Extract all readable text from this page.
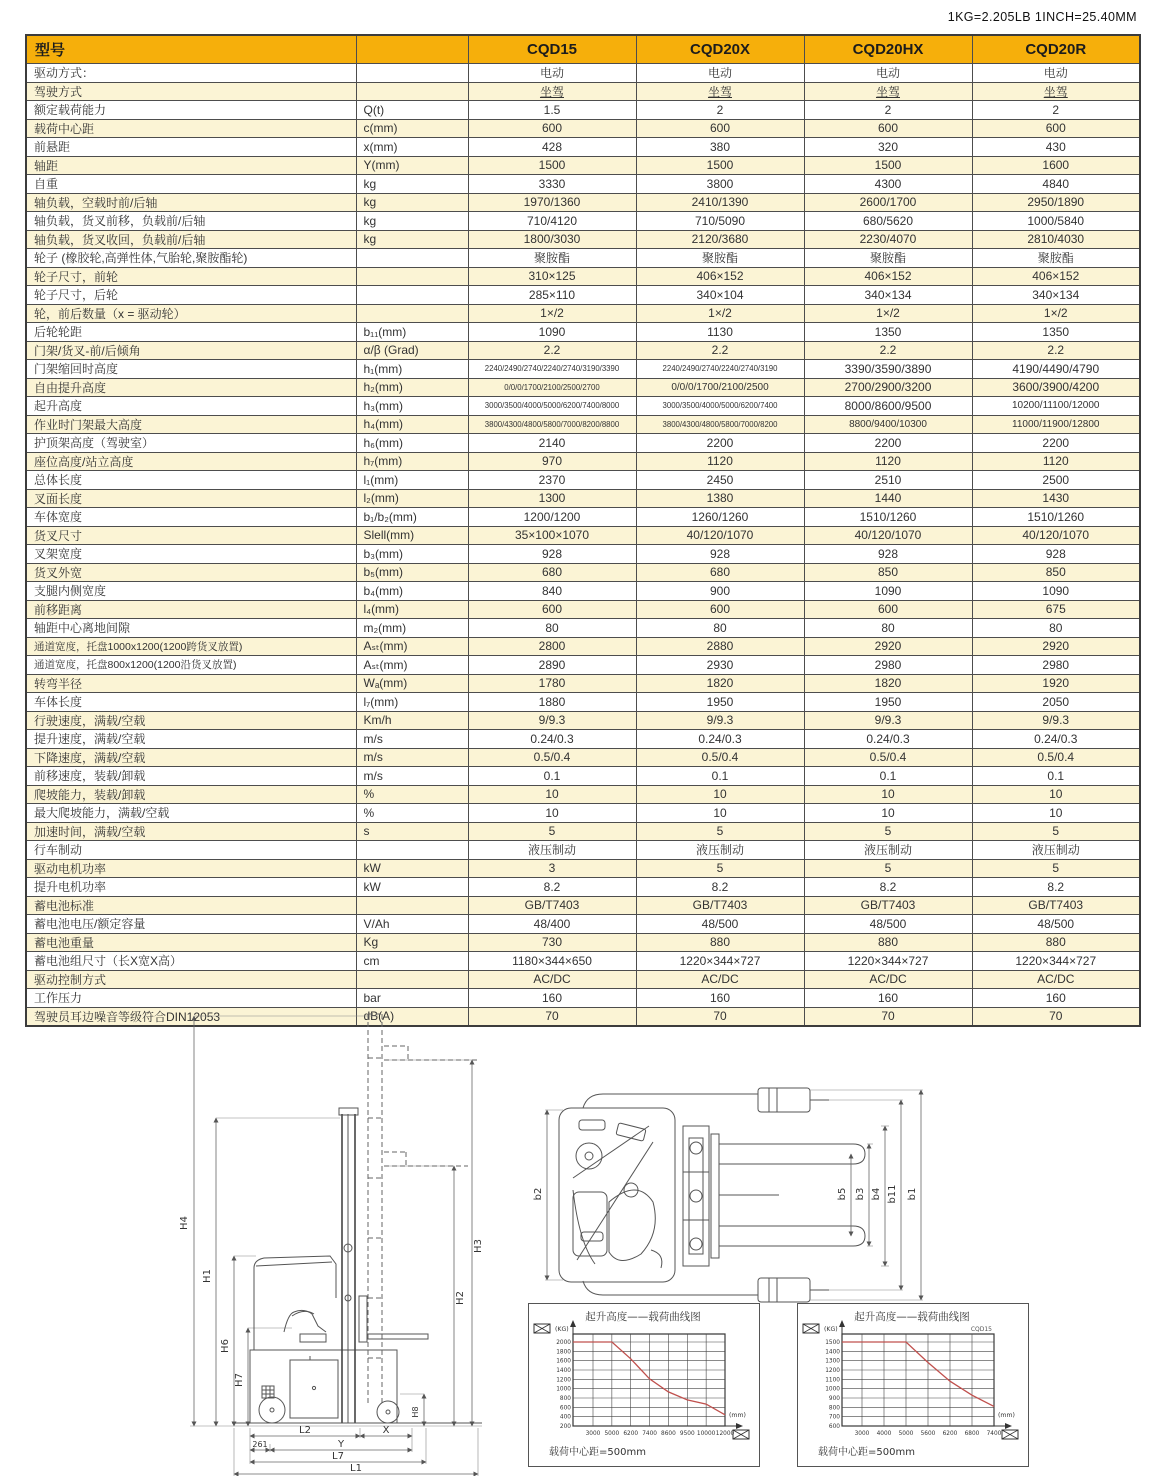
1KG=2.205LB 1INCH=25.40MM
型号		CQD15	CQD20X	CQD20HX	CQD20R
驱动方式：		电动	电动	电动	电动
驾驶方式		坐驾	坐驾	坐驾	坐驾
额定载荷能力	Q(t)	1.5	2	2	2
载荷中心距	c(mm)	600	600	600	600
前悬距	x(mm)	428	380	320	430
轴距	Y(mm)	1500	1500	1500	1600
自重	kg	3330	3800	4300	4840
轴负载，空载时前/后轴	kg	1970/1360	2410/1390	2600/1700	2950/1890
轴负载，货叉前移，负载前/后轴	kg	710/4120	710/5090	680/5620	1000/5840
轴负载，货叉收回，负载前/后轴	kg	1800/3030	2120/3680	2230/4070	2810/4030
轮子 (橡胶轮,高弹性体,气胎轮,聚胺酯轮)		聚胺酯	聚胺酯	聚胺酯	聚胺酯
轮子尺寸，前轮		310×125	406×152	406×152	406×152
轮子尺寸，后轮		285×110	340×104	340×134	340×134
轮，前后数量（x = 驱动轮）		1×/2	1×/2	1×/2	1×/2
后轮轮距	b₁₁(mm)	1090	1130	1350	1350
门架/货叉-前/后倾角	α/β (Grad)	2.2	2.2	2.2	2.2
门架缩回时高度	h₁(mm)	2240/2490/2740/2240/2740/3190/3390	2240/2490/2740/2240/2740/3190	3390/3590/3890	4190/4490/4790
自由提升高度	h₂(mm)	0/0/0/1700/2100/2500/2700	0/0/0/1700/2100/2500	2700/2900/3200	3600/3900/4200
起升高度	h₃(mm)	3000/3500/4000/5000/6200/7400/8000	3000/3500/4000/5000/6200/7400	8000/8600/9500	10200/11100/12000
作业时门架最大高度	h₄(mm)	3800/4300/4800/5800/7000/8200/8800	3800/4300/4800/5800/7000/8200	8800/9400/10300	11000/11900/12800
护顶架高度（驾驶室）	h₆(mm)	2140	2200	2200	2200
座位高度/站立高度	h₇(mm)	970	1120	1120	1120
总体长度	l₁(mm)	2370	2450	2510	2500
叉面长度	l₂(mm)	1300	1380	1440	1430
车体宽度	b₁/b₂(mm)	1200/1200	1260/1260	1510/1260	1510/1260
货叉尺寸	Slell(mm)	35×100×1070	40/120/1070	40/120/1070	40/120/1070
叉架宽度	b₃(mm)	928	928	928	928
货叉外宽	b₅(mm)	680	680	850	850
支腿内侧宽度	b₄(mm)	840	900	1090	1090
前移距离	l₄(mm)	600	600	600	675
轴距中心离地间隙	m₂(mm)	80	80	80	80
通道宽度，托盘1000x1200(1200跨货叉放置)	Aₛₜ(mm)	2800	2880	2920	2920
通道宽度，托盘800x1200(1200沿货叉放置)	Aₛₜ(mm)	2890	2930	2980	2980
转弯半径	Wₐ(mm)	1780	1820	1820	1920
车体长度	l₇(mm)	1880	1950	1950	2050
行驶速度，满载/空载	Km/h	9/9.3	9/9.3	9/9.3	9/9.3
提升速度，满载/空载	m/s	0.24/0.3	0.24/0.3	0.24/0.3	0.24/0.3
下降速度，满载/空载	m/s	0.5/0.4	0.5/0.4	0.5/0.4	0.5/0.4
前移速度，装载/卸载	m/s	0.1	0.1	0.1	0.1
爬坡能力，装载/卸载	%	10	10	10	10
最大爬坡能力，满载/空载	%	10	10	10	10
加速时间，满载/空载	s	5	5	5	5
行车制动		液压制动	液压制动	液压制动	液压制动
驱动电机功率	kW	3	5	5	5
提升电机功率	kW	8.2	8.2	8.2	8.2
蓄电池标准		GB/T7403	GB/T7403	GB/T7403	GB/T7403
蓄电池电压/额定容量	V/Ah	48/400	48/500	48/500	48/500
蓄电池重量	Kg	730	880	880	880
蓄电池组尺寸（长X宽X高）	cm	1180×344×650	1220×344×727	1220×344×727	1220×344×727
驱动控制方式		AC/DC	AC/DC	AC/DC	AC/DC
工作压力	bar	160	160	160	160
驾驶员耳边噪音等级符合DIN12053	dB(A)	70	70	70	70
H4
H1
H6
H7
H3
H2
H8
L2	X
261	Y
L7
L1
b5 b3 b4 b11 b1
b2
起升高度——载荷曲线图
200
400
600
800
1000
1200
1400
1600
1800
2000
3000 5000 6200 7400 8600 9500 10000 12000
(KG)
(mm)
载荷中心距=500mm
起升高度——载荷曲线图
600
700
800
900
1000
1100
1200
1300
1400
1500
3000 4000 5000 5600 6200 6800 7400
(KG)
(mm)
CQD15
载荷中心距=500mm
